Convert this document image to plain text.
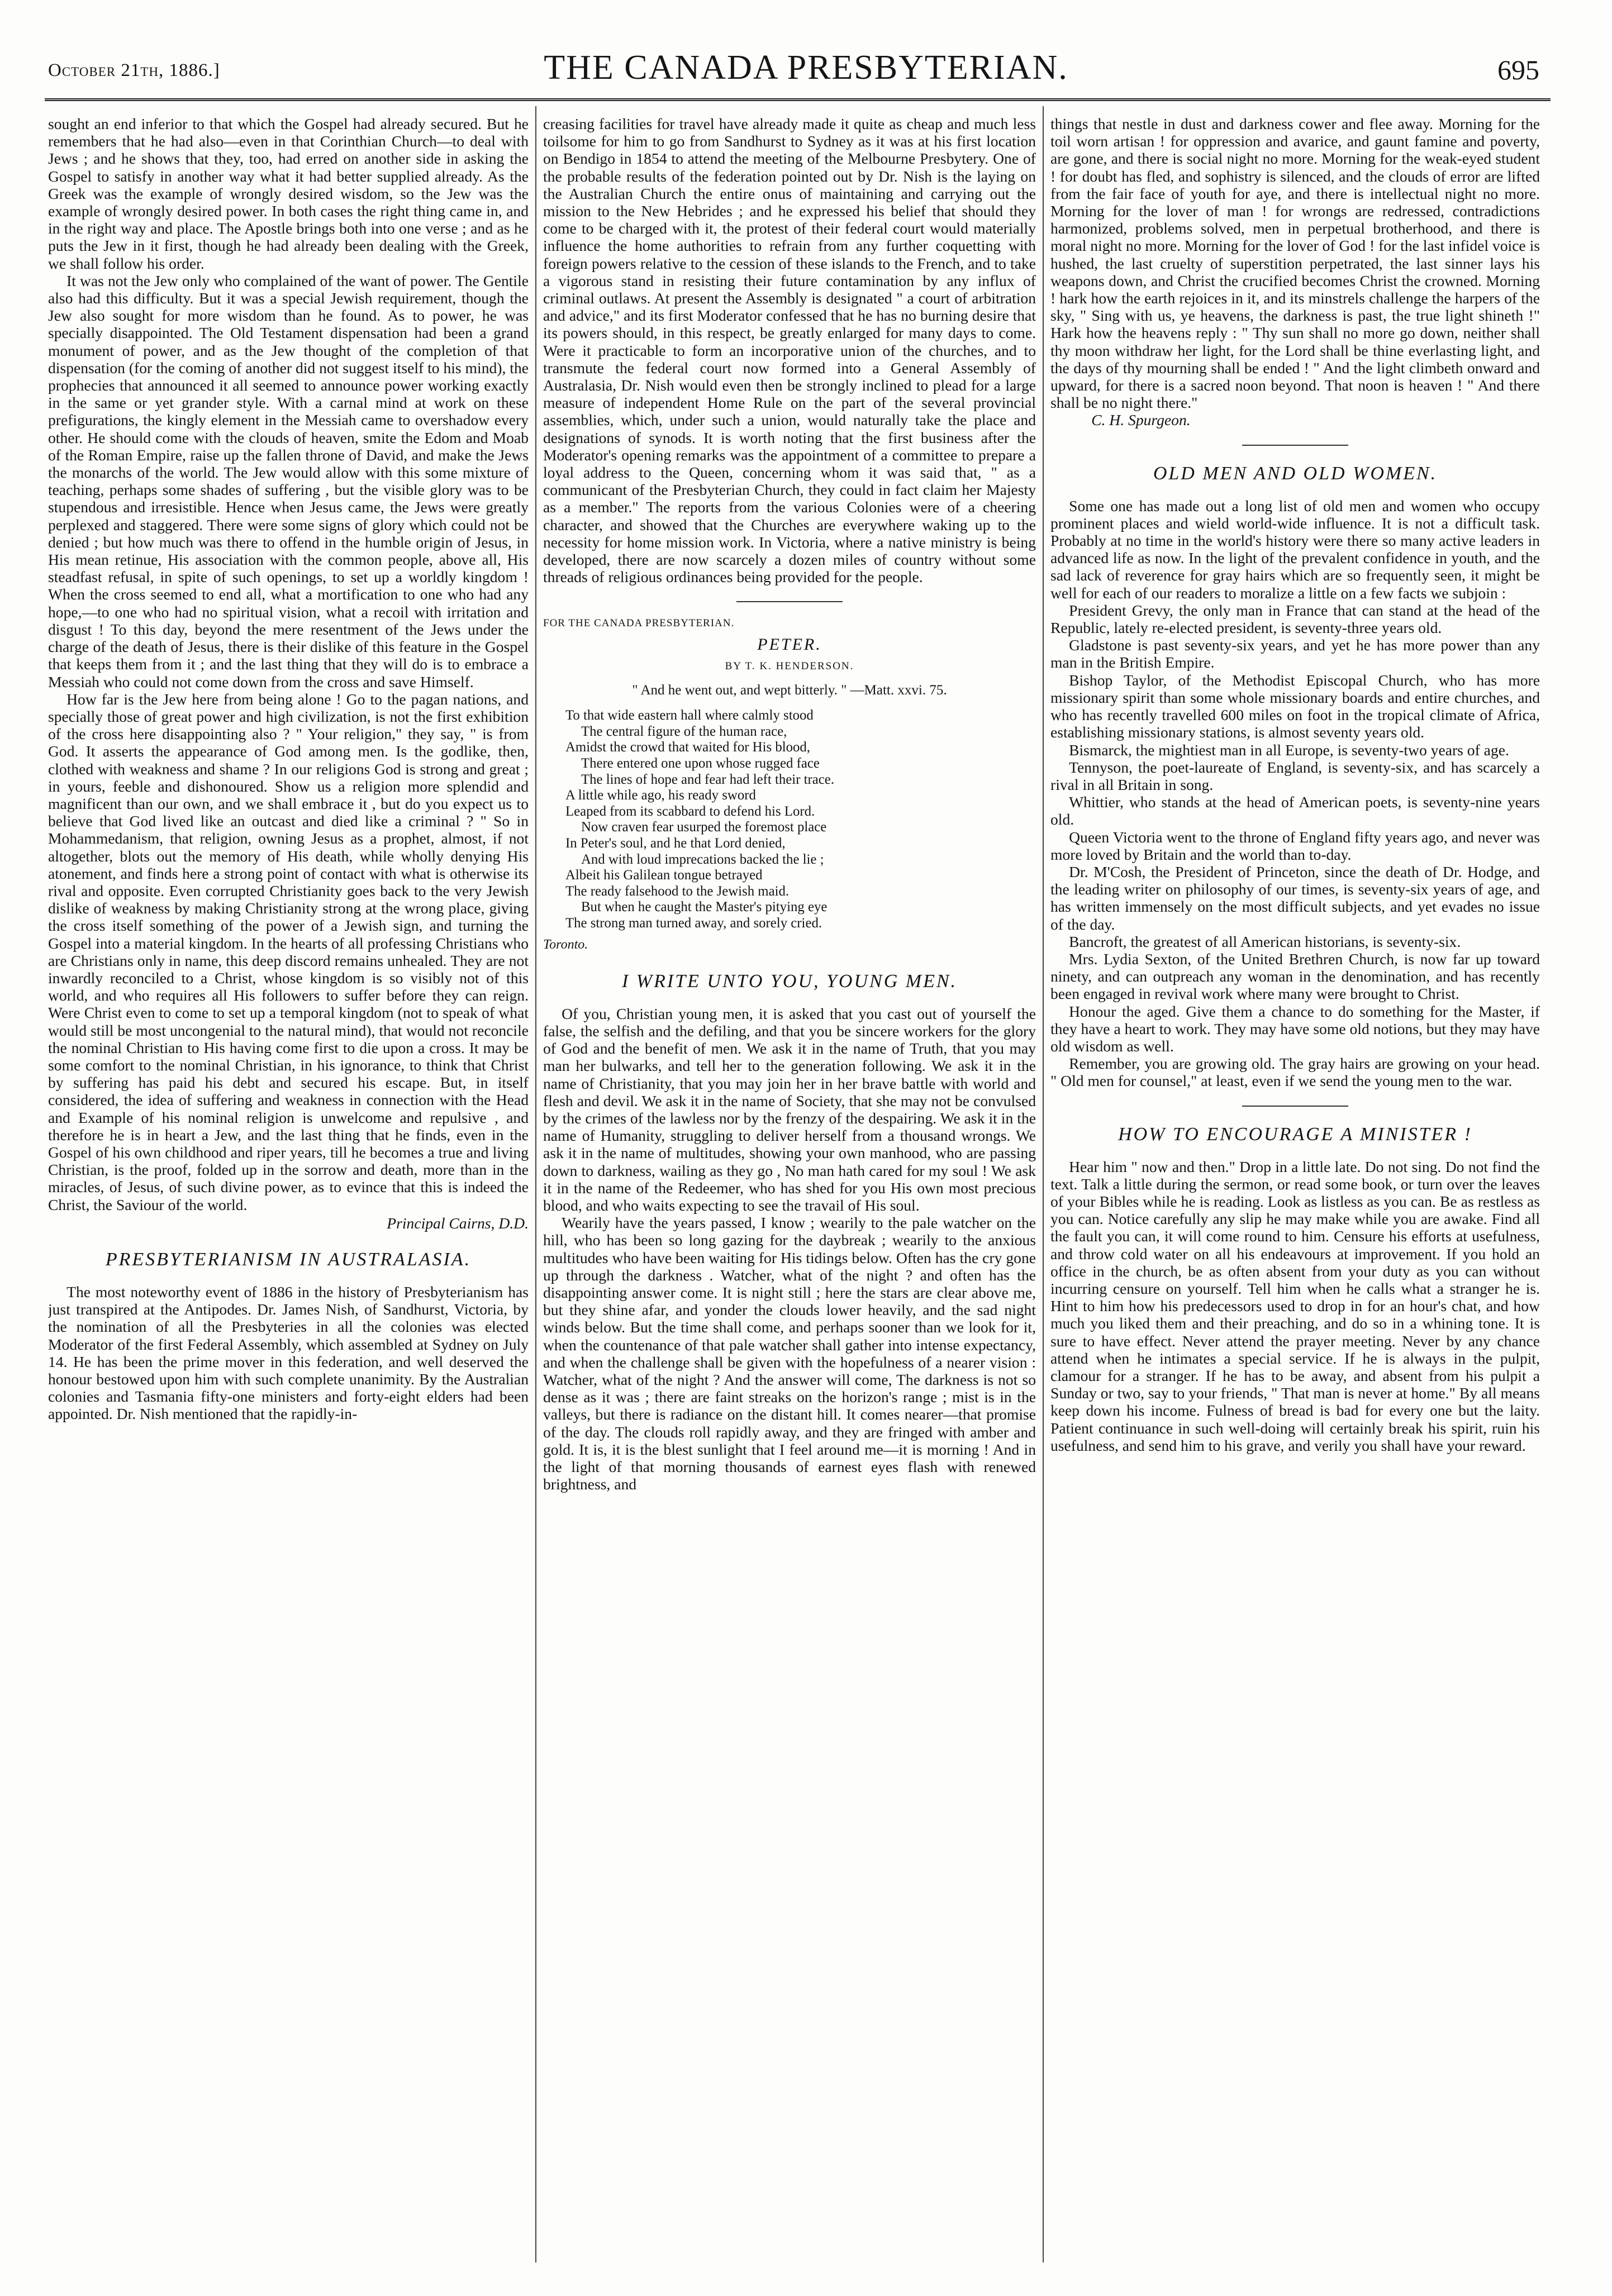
October 21th, 1886.]	THE CANADA PRESBYTERIAN.	695

sought an end inferior to that which the Gospel had already secured. But he remembers that he had also—even in that Corinthian Church—to deal with Jews ; and he shows that they, too, had erred on another side in asking the Gospel to satisfy in another way what it had better supplied already. As the Greek was the example of wrongly desired wisdom, so the Jew was the example of wrongly desired power. In both cases the right thing came in, and in the right way and place. The Apostle brings both into one verse ; and as he puts the Jew in it first, though he had already been dealing with the Greek, we shall follow his order.

It was not the Jew only who complained of the want of power. The Gentile also had this difficulty. But it was a special Jewish requirement, though the Jew also sought for more wisdom than he found. As to power, he was specially disappointed. The Old Testament dispensation had been a grand monument of power, and as the Jew thought of the completion of that dispensation (for the coming of another did not suggest itself to his mind), the prophecies that announced it all seemed to announce power working exactly in the same or yet grander style. With a carnal mind at work on these prefigurations, the kingly element in the Messiah came to overshadow every other. He should come with the clouds of heaven, smite the Edom and Moab of the Roman Empire, raise up the fallen throne of David, and make the Jews the monarchs of the world. The Jew would allow with this some mixture of teaching, perhaps some shades of suffering , but the visible glory was to be stupendous and irresistible. Hence when Jesus came, the Jews were greatly perplexed and staggered. There were some signs of glory which could not be denied ; but how much was there to offend in the humble origin of Jesus, in His mean retinue, His association with the common people, above all, His steadfast refusal, in spite of such openings, to set up a worldly kingdom ! When the cross seemed to end all, what a mortification to one who had any hope,—to one who had no spiritual vision, what a recoil with irritation and disgust ! To this day, beyond the mere resentment of the Jews under the charge of the death of Jesus, there is their dislike of this feature in the Gospel that keeps them from it ; and the last thing that they will do is to embrace a Messiah who could not come down from the cross and save Himself.

How far is the Jew here from being alone ! Go to the pagan nations, and specially those of great power and high civilization, is not the first exhibition of the cross here disappointing also ? " Your religion," they say, " is from God. It asserts the appearance of God among men. Is the godlike, then, clothed with weakness and shame ? In our religions God is strong and great ; in yours, feeble and dishonoured. Show us a religion more splendid and magnificent than our own, and we shall embrace it , but do you expect us to believe that God lived like an outcast and died like a criminal ? " So in Mohammedanism, that religion, owning Jesus as a prophet, almost, if not altogether, blots out the memory of His death, while wholly denying His atonement, and finds here a strong point of contact with what is otherwise its rival and opposite. Even corrupted Christianity goes back to the very Jewish dislike of weakness by making Christianity strong at the wrong place, giving the cross itself something of the power of a Jewish sign, and turning the Gospel into a material kingdom. In the hearts of all professing Christians who are Christians only in name, this deep discord remains unhealed. They are not inwardly reconciled to a Christ, whose kingdom is so visibly not of this world, and who requires all His followers to suffer before they can reign. Were Christ even to come to set up a temporal kingdom (not to speak of what would still be most uncongenial to the natural mind), that would not reconcile the nominal Christian to His having come first to die upon a cross. It may be some comfort to the nominal Christian, in his ignorance, to think that Christ by suffering has paid his debt and secured his escape. But, in itself considered, the idea of suffering and weakness in connection with the Head and Example of his nominal religion is unwelcome and repulsive , and therefore he is in heart a Jew, and the last thing that he finds, even in the Gospel of his own childhood and riper years, till he becomes a true and living Christian, is the proof, folded up in the sorrow and death, more than in the miracles, of Jesus, of such divine power, as to evince that this is indeed the Christ, the Saviour of the world.

Principal Cairns, D.D.
PRESBYTERIANISM IN AUSTRALASIA.

The most noteworthy event of 1886 in the history of Presbyterianism has just transpired at the Antipodes. Dr. James Nish, of Sandhurst, Victoria, by the nomination of all the Presbyteries in all the colonies was elected Moderator of the first Federal Assembly, which assembled at Sydney on July 14. He has been the prime mover in this federation, and well deserved the honour bestowed upon him with such complete unanimity. By the Australian colonies and Tasmania fifty-one ministers and forty-eight elders had been appointed. Dr. Nish mentioned that the rapidly-in-

creasing facilities for travel have already made it quite as cheap and much less toilsome for him to go from Sandhurst to Sydney as it was at his first location on Bendigo in 1854 to attend the meeting of the Melbourne Presbytery. One of the probable results of the federation pointed out by Dr. Nish is the laying on the Australian Church the entire onus of maintaining and carrying out the mission to the New Hebrides ; and he expressed his belief that should they come to be charged with it, the protest of their federal court would materially influence the home authorities to refrain from any further coquetting with foreign powers relative to the cession of these islands to the French, and to take a vigorous stand in resisting their future contamination by any influx of criminal outlaws. At present the Assembly is designated " a court of arbitration and advice," and its first Moderator confessed that he has no burning desire that its powers should, in this respect, be greatly enlarged for many days to come. Were it practicable to form an incorporative union of the churches, and to transmute the federal court now formed into a General Assembly of Australasia, Dr. Nish would even then be strongly inclined to plead for a large measure of independent Home Rule on the part of the several provincial assemblies, which, under such a union, would naturally take the place and designations of synods. It is worth noting that the first business after the Moderator's opening remarks was the appointment of a committee to prepare a loyal address to the Queen, concerning whom it was said that, " as a communicant of the Presbyterian Church, they could in fact claim her Majesty as a member." The reports from the various Colonies were of a cheering character, and showed that the Churches are everywhere waking up to the necessity for home mission work. In Victoria, where a native ministry is being developed, there are now scarcely a dozen miles of country without some threads of religious ordinances being provided for the people.

FOR THE CANADA PRESBYTERIAN.
PETER.
BY T. K. HENDERSON.
" And he went out, and wept bitterly. " —Matt. xxvi. 75.
To that wide eastern hall where calmly stood
The central figure of the human race,
Amidst the crowd that waited for His blood,
There entered one upon whose rugged face
The lines of hope and fear had left their trace.
A little while ago, his ready sword
Leaped from its scabbard to defend his Lord.
Now craven fear usurped the foremost place
In Peter's soul, and he that Lord denied,
And with loud imprecations backed the lie ;
Albeit his Galilean tongue betrayed
The ready falsehood to the Jewish maid.
But when he caught the Master's pitying eye
The strong man turned away, and sorely cried.
Toronto.
I WRITE UNTO YOU, YOUNG MEN.

Of you, Christian young men, it is asked that you cast out of yourself the false, the selfish and the defiling, and that you be sincere workers for the glory of God and the benefit of men. We ask it in the name of Truth, that you may man her bulwarks, and tell her to the generation following. We ask it in the name of Christianity, that you may join her in her brave battle with world and flesh and devil. We ask it in the name of Society, that she may not be convulsed by the crimes of the lawless nor by the frenzy of the despairing. We ask it in the name of Humanity, struggling to deliver herself from a thousand wrongs. We ask it in the name of multitudes, showing your own manhood, who are passing down to darkness, wailing as they go , No man hath cared for my soul ! We ask it in the name of the Redeemer, who has shed for you His own most precious blood, and who waits expecting to see the travail of His soul.

Wearily have the years passed, I know ; wearily to the pale watcher on the hill, who has been so long gazing for the daybreak ; wearily to the anxious multitudes who have been waiting for His tidings below. Often has the cry gone up through the darkness . Watcher, what of the night ? and often has the disappointing answer come. It is night still ; here the stars are clear above me, but they shine afar, and yonder the clouds lower heavily, and the sad night winds below. But the time shall come, and perhaps sooner than we look for it, when the countenance of that pale watcher shall gather into intense expectancy, and when the challenge shall be given with the hopefulness of a nearer vision : Watcher, what of the night ? And the answer will come, The darkness is not so dense as it was ; there are faint streaks on the horizon's range ; mist is in the valleys, but there is radiance on the distant hill. It comes nearer—that promise of the day. The clouds roll rapidly away, and they are fringed with amber and gold. It is, it is the blest sunlight that I feel around me—it is morning ! And in the light of that morning thousands of earnest eyes flash with renewed brightness, and

things that nestle in dust and darkness cower and flee away. Morning for the toil worn artisan ! for oppression and avarice, and gaunt famine and poverty, are gone, and there is social night no more. Morning for the weak-eyed student ! for doubt has fled, and sophistry is silenced, and the clouds of error are lifted from the fair face of youth for aye, and there is intellectual night no more. Morning for the lover of man ! for wrongs are redressed, contradictions harmonized, problems solved, men in perpetual brotherhood, and there is moral night no more. Morning for the lover of God ! for the last infidel voice is hushed, the last cruelty of superstition perpetrated, the last sinner lays his weapons down, and Christ the crucified becomes Christ the crowned. Morning ! hark how the earth rejoices in it, and its minstrels challenge the harpers of the sky, " Sing with us, ye heavens, the darkness is past, the true light shineth !" Hark how the heavens reply : " Thy sun shall no more go down, neither shall thy moon withdraw her light, for the Lord shall be thine everlasting light, and the days of thy mourning shall be ended ! " And the light climbeth onward and upward, for there is a sacred noon beyond. That noon is heaven ! " And there shall be no night there."

C. H. Spurgeon.

OLD MEN AND OLD WOMEN.

Some one has made out a long list of old men and women who occupy prominent places and wield world-wide influence. It is not a difficult task. Probably at no time in the world's history were there so many active leaders in advanced life as now. In the light of the prevalent confidence in youth, and the sad lack of reverence for gray hairs which are so frequently seen, it might be well for each of our readers to moralize a little on a few facts we subjoin :

President Grevy, the only man in France that can stand at the head of the Republic, lately re-elected president, is seventy-three years old.

Gladstone is past seventy-six years, and yet he has more power than any man in the British Empire.

Bishop Taylor, of the Methodist Episcopal Church, who has more missionary spirit than some whole missionary boards and entire churches, and who has recently travelled 600 miles on foot in the tropical climate of Africa, establishing missionary stations, is almost seventy years old.

Bismarck, the mightiest man in all Europe, is seventy-two years of age.

Tennyson, the poet-laureate of England, is seventy-six, and has scarcely a rival in all Britain in song.

Whittier, who stands at the head of American poets, is seventy-nine years old.

Queen Victoria went to the throne of England fifty years ago, and never was more loved by Britain and the world than to-day.

Dr. M'Cosh, the President of Princeton, since the death of Dr. Hodge, and the leading writer on philosophy of our times, is seventy-six years of age, and has written immensely on the most difficult subjects, and yet evades no issue of the day.

Bancroft, the greatest of all American historians, is seventy-six.

Mrs. Lydia Sexton, of the United Brethren Church, is now far up toward ninety, and can outpreach any woman in the denomination, and has recently been engaged in revival work where many were brought to Christ.

Honour the aged. Give them a chance to do something for the Master, if they have a heart to work. They may have some old notions, but they may have old wisdom as well.

Remember, you are growing old. The gray hairs are growing on your head. " Old men for counsel," at least, even if we send the young men to the war.

HOW TO ENCOURAGE A MINISTER !

Hear him " now and then." Drop in a little late. Do not sing. Do not find the text. Talk a little during the sermon, or read some book, or turn over the leaves of your Bibles while he is reading. Look as listless as you can. Be as restless as you can. Notice carefully any slip he may make while you are awake. Find all the fault you can, it will come round to him. Censure his efforts at usefulness, and throw cold water on all his endeavours at improvement. If you hold an office in the church, be as often absent from your duty as you can without incurring censure on yourself. Tell him when he calls what a stranger he is. Hint to him how his predecessors used to drop in for an hour's chat, and how much you liked them and their preaching, and do so in a whining tone. It is sure to have effect. Never attend the prayer meeting. Never by any chance attend when he intimates a special service. If he is always in the pulpit, clamour for a stranger. If he has to be away, and absent from his pulpit a Sunday or two, say to your friends, " That man is never at home." By all means keep down his income. Fulness of bread is bad for every one but the laity. Patient continuance in such well-doing will certainly break his spirit, ruin his usefulness, and send him to his grave, and verily you shall have your reward.
